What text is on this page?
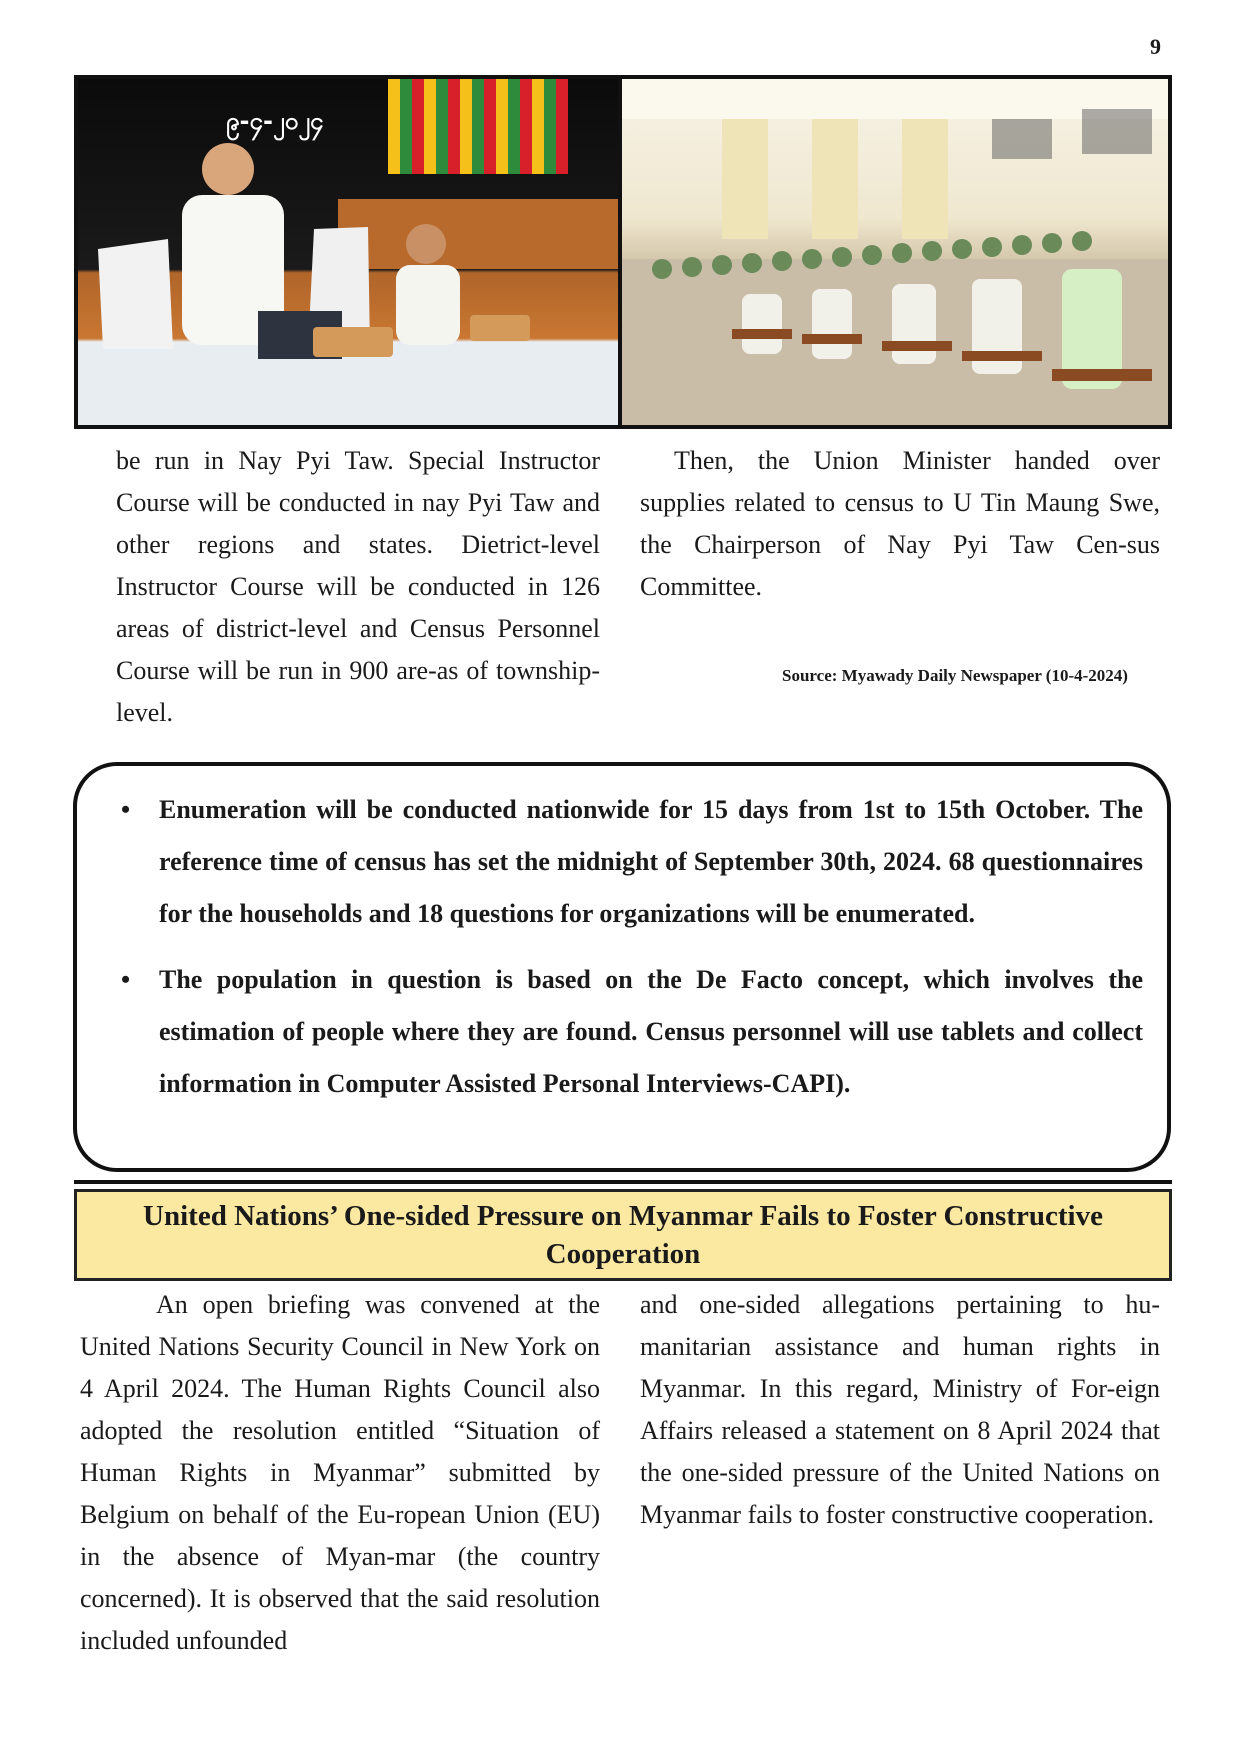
9
၉-၄-၂၀၂၄

be run in Nay Pyi Taw. Special Instructor Course will be conducted in nay Pyi Taw and other regions and states. Dietrict-level Instructor Course will be conducted in 126 areas of district-level and Census Personnel Course will be run in 900 are-as of township-level.

Then, the Union Minister handed over supplies related to census to U Tin Maung Swe, the Chairperson of Nay Pyi Taw Cen-sus Committee.

Source: Myawady Daily Newspaper (10-4-2024)
• Enumeration will be conducted nationwide for 15 days from 1st to 15th October. The reference time of census has set the midnight of September 30th, 2024. 68 questionnaires for the households and 18 questions for organizations will be enumerated.
• The population in question is based on the De Facto concept, which involves the estimation of people where they are found. Census personnel will use tablets and collect information in Computer Assisted Personal Interviews-CAPI).
United Nations’ One-sided Pressure on Myanmar Fails to Foster Constructive Cooperation

An open briefing was convened at the United Nations Security Council in New York on 4 April 2024. The Human Rights Council also adopted the resolution entitled “Situation of Human Rights in Myanmar” submitted by Belgium on behalf of the Eu-ropean Union (EU) in the absence of Myan-mar (the country concerned). It is observed that the said resolution included unfounded

and one-sided allegations pertaining to hu-manitarian assistance and human rights in Myanmar. In this regard, Ministry of For-eign Affairs released a statement on 8 April 2024 that the one-sided pressure of the United Nations on Myanmar fails to foster constructive cooperation.
